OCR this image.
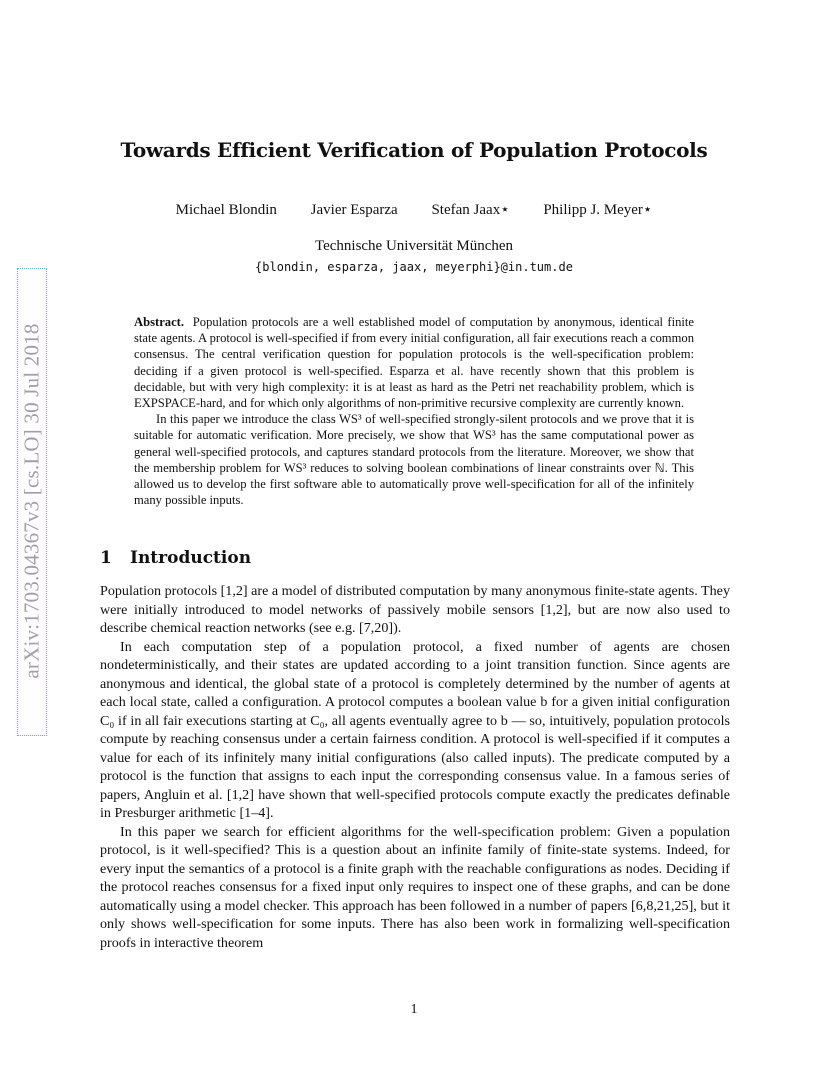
arXiv:1703.04367v3 [cs.LO] 30 Jul 2018
Towards Efficient Verification of Population Protocols
Michael Blondin Javier Esparza Stefan Jaax⋆ Philipp J. Meyer⋆
Technische Universität München
{blondin, esparza, jaax, meyerphi}@in.tum.de

Abstract. Population protocols are a well established model of computation by anonymous, identical finite state agents. A protocol is well-specified if from every initial configuration, all fair executions reach a common consensus. The central verification question for population protocols is the well-specification problem: deciding if a given protocol is well-specified. Esparza et al. have recently shown that this problem is decidable, but with very high complexity: it is at least as hard as the Petri net reachability problem, which is EXPSPACE-hard, and for which only algorithms of non-primitive recursive complexity are currently known.

In this paper we introduce the class WS³ of well-specified strongly-silent protocols and we prove that it is suitable for automatic verification. More precisely, we show that WS³ has the same computational power as general well-specified protocols, and captures standard protocols from the literature. Moreover, we show that the membership problem for WS³ reduces to solving boolean combinations of linear constraints over ℕ. This allowed us to develop the first software able to automatically prove well-specification for all of the infinitely many possible inputs.

1 Introduction

Population protocols [1,2] are a model of distributed computation by many anonymous finite-state agents. They were initially introduced to model networks of passively mobile sensors [1,2], but are now also used to describe chemical reaction networks (see e.g. [7,20]).

In each computation step of a population protocol, a fixed number of agents are chosen nondeterministically, and their states are updated according to a joint transition function. Since agents are anonymous and identical, the global state of a protocol is completely determined by the number of agents at each local state, called a configuration. A protocol computes a boolean value b for a given initial configuration C₀ if in all fair executions starting at C₀, all agents eventually agree to b — so, intuitively, population protocols compute by reaching consensus under a certain fairness condition. A protocol is well-specified if it computes a value for each of its infinitely many initial configurations (also called inputs). The predicate computed by a protocol is the function that assigns to each input the corresponding consensus value. In a famous series of papers, Angluin et al. [1,2] have shown that well-specified protocols compute exactly the predicates definable in Presburger arithmetic [1–4].

In this paper we search for efficient algorithms for the well-specification problem: Given a population protocol, is it well-specified? This is a question about an infinite family of finite-state systems. Indeed, for every input the semantics of a protocol is a finite graph with the reachable configurations as nodes. Deciding if the protocol reaches consensus for a fixed input only requires to inspect one of these graphs, and can be done automatically using a model checker. This approach has been followed in a number of papers [6,8,21,25], but it only shows well-specification for some inputs. There has also been work in formalizing well-specification proofs in interactive theorem

1
